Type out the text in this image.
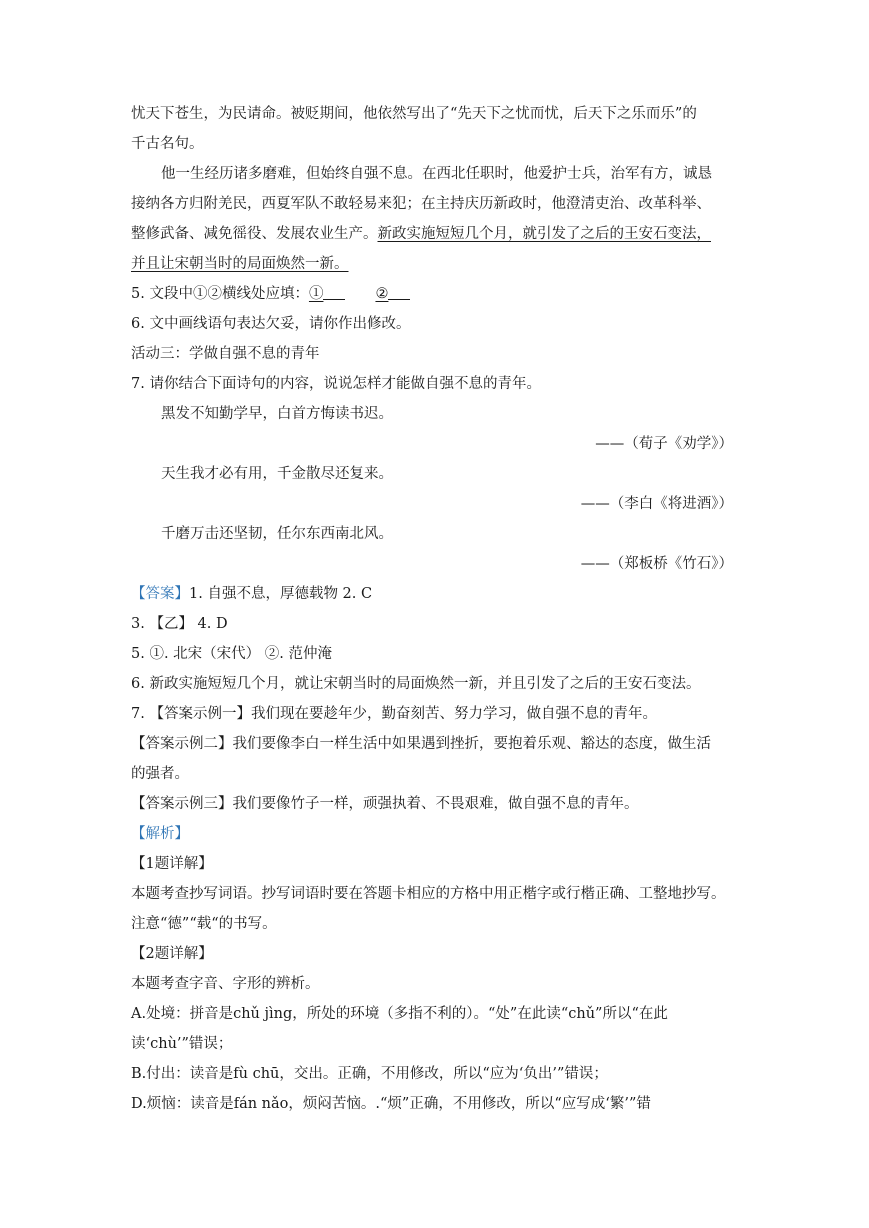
忧天下苍生，为民请命。被贬期间，他依然写出了“先天下之忧而忧，后天下之乐而乐”的
千古名句。
他一生经历诸多磨难，但始终自强不息。在西北任职时，他爱护士兵，治军有方，诚恳
接纳各方归附羌民，西夏军队不敢轻易来犯；在主持庆历新政时，他澄清吏治、改革科举、
整修武备、减免徭役、发展农业生产。新政实施短短几个月，就引发了之后的王安石变法，
并且让宋朝当时的局面焕然一新。
5. 文段中①②横线处应填：①	②
6. 文中画线语句表达欠妥，请你作出修改。
活动三：学做自强不息的青年
7. 请你结合下面诗句的内容，说说怎样才能做自强不息的青年。
黑发不知勤学早，白首方悔读书迟。
——（荀子《劝学》）
天生我才必有用，千金散尽还复来。
——（李白《将进酒》）
千磨万击还坚韧，任尔东西南北风。
——（郑板桥《竹石》）
【答案】1. 自强不息，厚德载物 2. C
3. 【乙】 4. D
5. ①. 北宋（宋代） ②. 范仲淹
6. 新政实施短短几个月，就让宋朝当时的局面焕然一新，并且引发了之后的王安石变法。
7. 【答案示例一】我们现在要趁年少，勤奋刻苦、努力学习，做自强不息的青年。
【答案示例二】我们要像李白一样生活中如果遇到挫折，要抱着乐观、豁达的态度，做生活
的强者。
【答案示例三】我们要像竹子一样，顽强执着、不畏艰难，做自强不息的青年。
【解析】
【1题详解】
本题考查抄写词语。抄写词语时要在答题卡相应的方格中用正楷字或行楷正确、工整地抄写。
注意“德”“载“的书写。
【2题详解】
本题考查字音、字形的辨析。
A.处境：拼音是chǔ jìng，所处的环境（多指不利的）。“处”在此读“chǔ”所以“在此
读‘chù’”错误；
B.付出：读音是fù chū，交出。正确，不用修改，所以“应为‘负出’”错误；
D.烦恼：读音是fán nǎo，烦闷苦恼。.“烦”正确，不用修改，所以“应写成‘繁’”错
